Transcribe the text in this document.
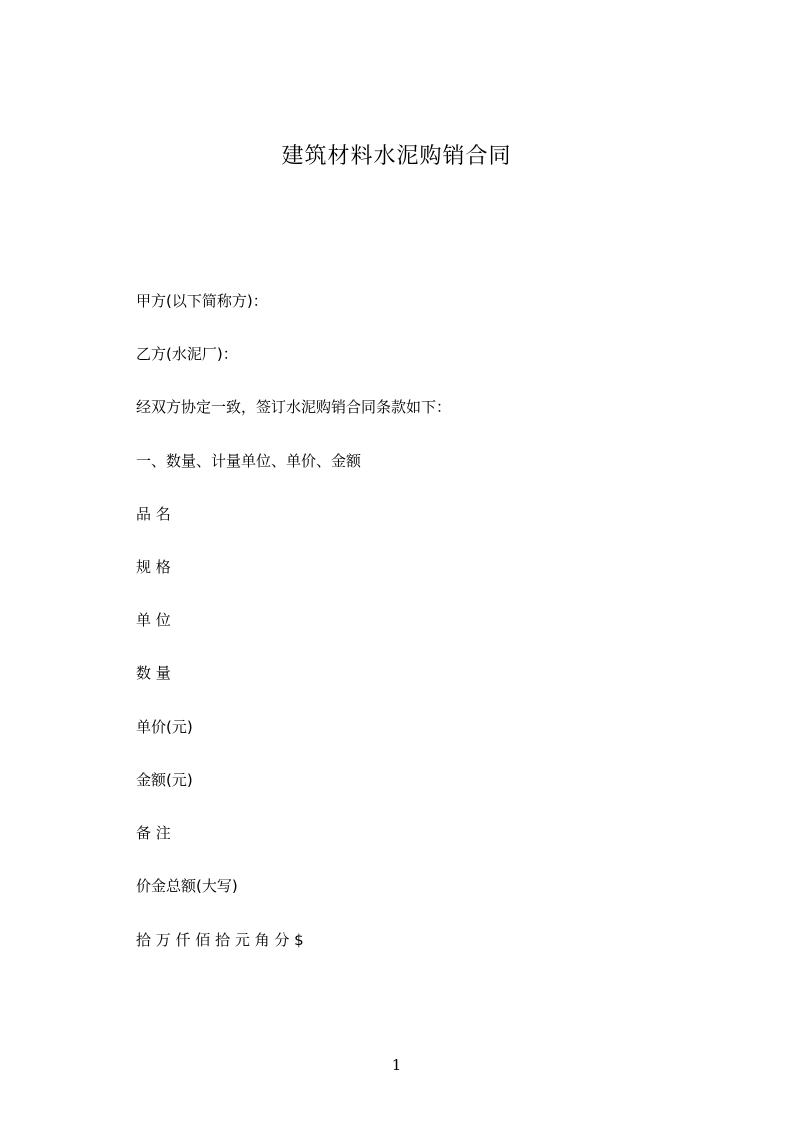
建筑材料水泥购销合同
甲方(以下简称方)：
乙方(水泥厂)：
经双方协定一致，签订水泥购销合同条款如下：
一、数量、计量单位、单价、金额
品 名
规 格
单 位
数 量
单价(元)
金额(元)
备 注
价金总额(大写)
拾 万 仟 佰 拾 元 角 分 $
1
